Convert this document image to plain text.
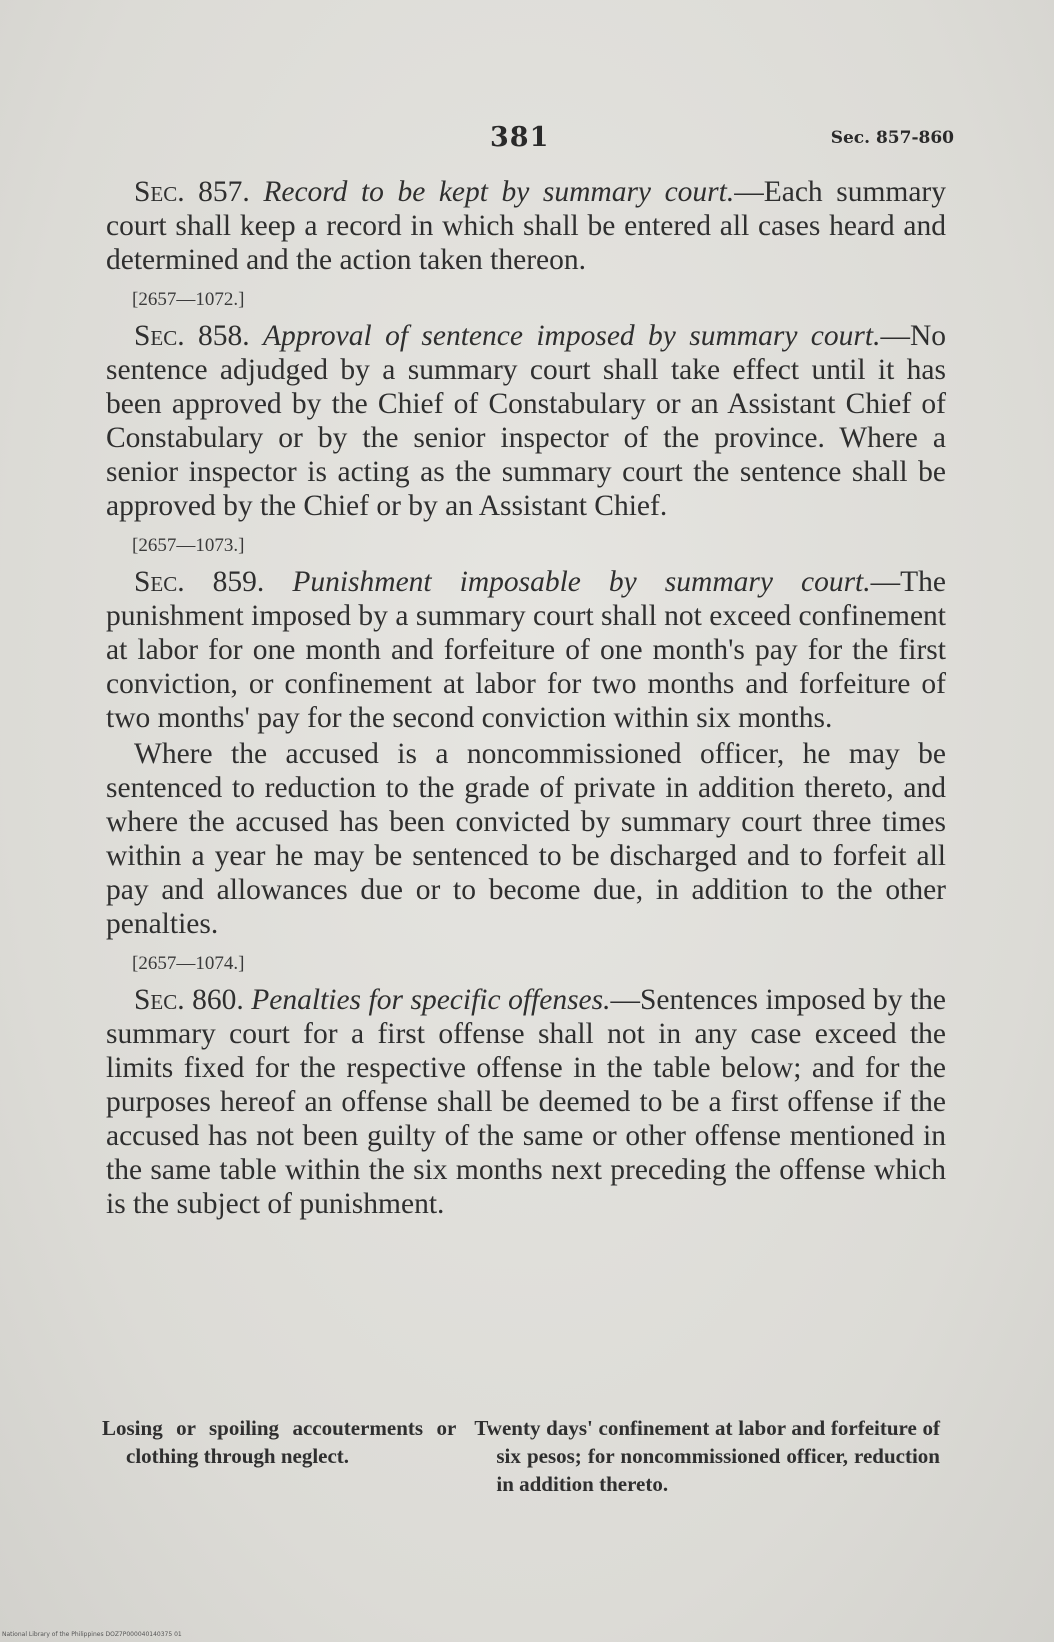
381	Sec. 857-860

Sec. 857. Record to be kept by summary court.—Each summary court shall keep a record in which shall be entered all cases heard and determined and the action taken thereon.

[2657—1072.]

Sec. 858. Approval of sentence imposed by summary court.—No sentence adjudged by a summary court shall take effect until it has been approved by the Chief of Constabulary or an Assistant Chief of Constabulary or by the senior inspector of the province. Where a senior inspector is acting as the summary court the sentence shall be approved by the Chief or by an Assistant Chief.

[2657—1073.]

Sec. 859. Punishment imposable by summary court.—The punishment imposed by a summary court shall not exceed confinement at labor for one month and forfeiture of one month's pay for the first conviction, or confinement at labor for two months and forfeiture of two months' pay for the second conviction within six months.

Where the accused is a noncommissioned officer, he may be sentenced to reduction to the grade of private in addition thereto, and where the accused has been convicted by summary court three times within a year he may be sentenced to be discharged and to forfeit all pay and allowances due or to become due, in addition to the other penalties.

[2657—1074.]

Sec. 860. Penalties for specific offenses.—Sentences imposed by the summary court for a first offense shall not in any case exceed the limits fixed for the respective offense in the table below; and for the purposes hereof an offense shall be deemed to be a first offense if the accused has not been guilty of the same or other offense mentioned in the same table within the six months next preceding the offense which is the subject of punishment.

Losing or spoiling accouterments or clothing through neglect.
Twenty days' confinement at labor and forfeiture of six pesos; for noncommissioned officer, reduction in addition thereto.
National Library of the Philippines DOZ7P000040140375 01
